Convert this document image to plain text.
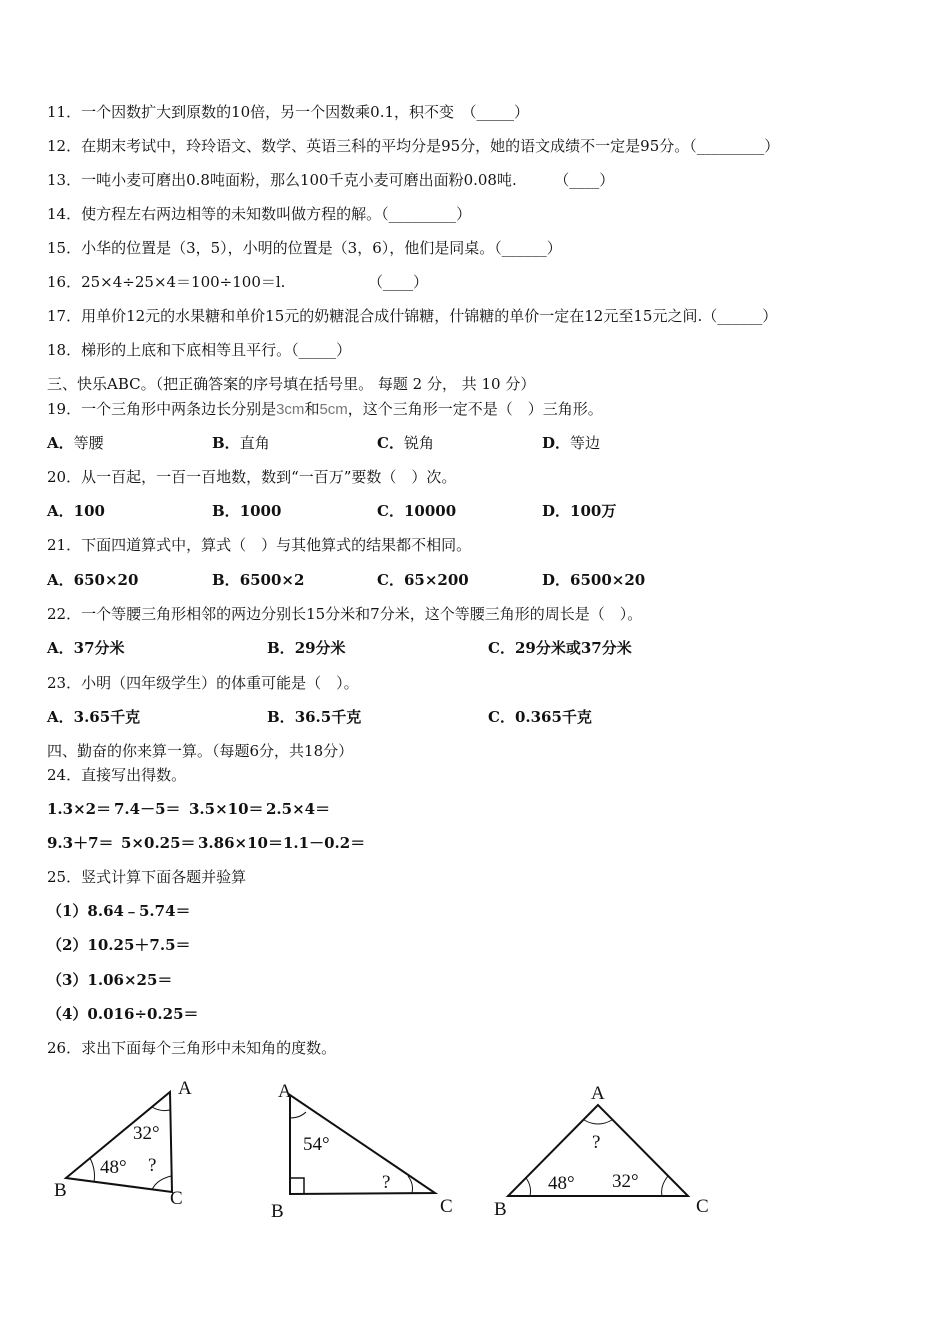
11．一个因数扩大到原数的10倍，另一个因数乘0.1，积不变　（_____）
12．在期末考试中，玲玲语文、数学、英语三科的平均分是95分，她的语文成绩不一定是95分。（_________）
13．一吨小麦可磨出0.8吨面粉，那么100千克小麦可磨出面粉0.08吨.　　　（____）
14．使方程左右两边相等的未知数叫做方程的解。（_________）
15．小华的位置是（3，5），小明的位置是（3，6），他们是同桌。（______）
16．25×4÷25×4＝100÷100＝l.　　　　　　（____）
17．用单价12元的水果糖和单价15元的奶糖混合成什锦糖，什锦糖的单价一定在12元至15元之间.（______）
18．梯形的上底和下底相等且平行。（_____）
三、快乐ABC。（把正确答案的序号填在括号里。 每题 2 分， 共 10 分）
19．一个三角形中两条边长分别是3cm和5cm，这个三角形一定不是（　）三角形。
A．等腰	B．直角	C．锐角	D．等边
20．从一百起，一百一百地数，数到“一百万”要数（　）次。
A．100	B．1000	C．10000	D．100万
21．下面四道算式中，算式（　）与其他算式的结果都不相同。
A．650×20	B．6500×2	C．65×200	D．6500×20
22．一个等腰三角形相邻的两边分别长15分米和7分米，这个等腰三角形的周长是（　）。
A．37分米	B．29分米	C．29分米或37分米
23．小明（四年级学生）的体重可能是（　）。
A．3.65千克	B．36.5千克	C．0.365千克
四、勤奋的你来算一算。（每题6分，共18分）
24．直接写出得数。
1.3×2＝ 7.4－5＝ 3.5×10＝ 2.5×4＝
9.3＋7＝ 5×0.25＝ 3.86×10＝ 1.1－0.2＝
25．竖式计算下面各题并验算
（1）8.64﹣5.74＝
（2）10.25＋7.5＝
（3）1.06×25＝
（4）0.016÷0.25＝
26．求出下面每个三角形中未知角的度数。
A
B	C
32°
48° ?
A
B	C
54°
?
A
B	C
?
48° 32°
